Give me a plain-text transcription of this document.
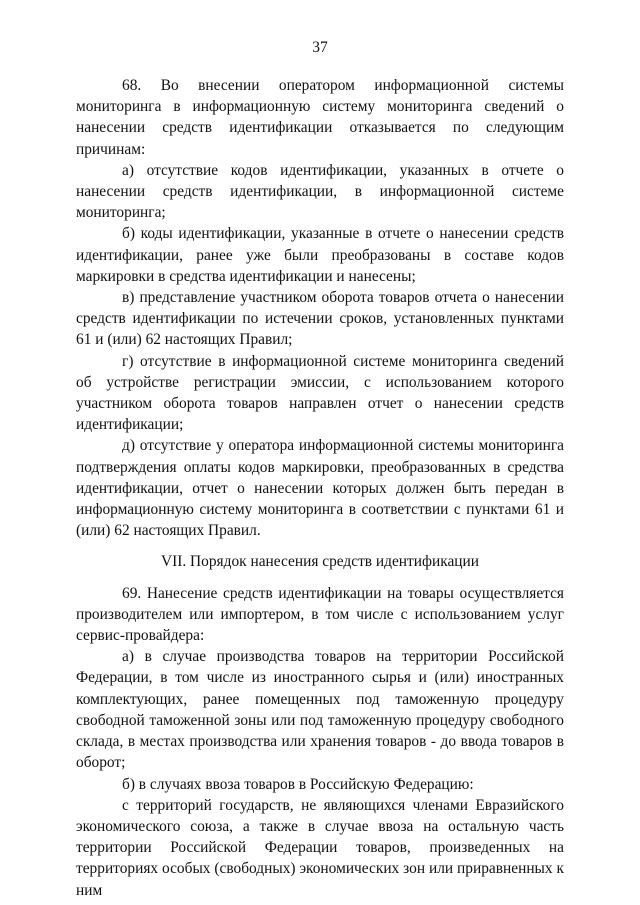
37

68. Во внесении оператором информационной системы мониторинга в информационную систему мониторинга сведений о нанесении средств идентификации отказывается по следующим причинам:

а) отсутствие кодов идентификации, указанных в отчете о нанесении средств идентификации, в информационной системе мониторинга;

б) коды идентификации, указанные в отчете о нанесении средств идентификации, ранее уже были преобразованы в составе кодов маркировки в средства идентификации и нанесены;

в) представление участником оборота товаров отчета о нанесении средств идентификации по истечении сроков, установленных пунктами 61 и (или) 62 настоящих Правил;

г) отсутствие в информационной системе мониторинга сведений об устройстве регистрации эмиссии, с использованием которого участником оборота товаров направлен отчет о нанесении средств идентификации;

д) отсутствие у оператора информационной системы мониторинга подтверждения оплаты кодов маркировки, преобразованных в средства идентификации, отчет о нанесении которых должен быть передан в информационную систему мониторинга в соответствии с пунктами 61 и (или) 62 настоящих Правил.

VII. Порядок нанесения средств идентификации

69. Нанесение средств идентификации на товары осуществляется производителем или импортером, в том числе с использованием услуг сервис-провайдера:

а) в случае производства товаров на территории Российской Федерации, в том числе из иностранного сырья и (или) иностранных комплектующих, ранее помещенных под таможенную процедуру свободной таможенной зоны или под таможенную процедуру свободного склада, в местах производства или хранения товаров - до ввода товаров в оборот;

б) в случаях ввоза товаров в Российскую Федерацию:

с территорий государств, не являющихся членами Евразийского экономического союза, а также в случае ввоза на остальную часть территории Российской Федерации товаров, произведенных на территориях особых (свободных) экономических зон или приравненных к ним
